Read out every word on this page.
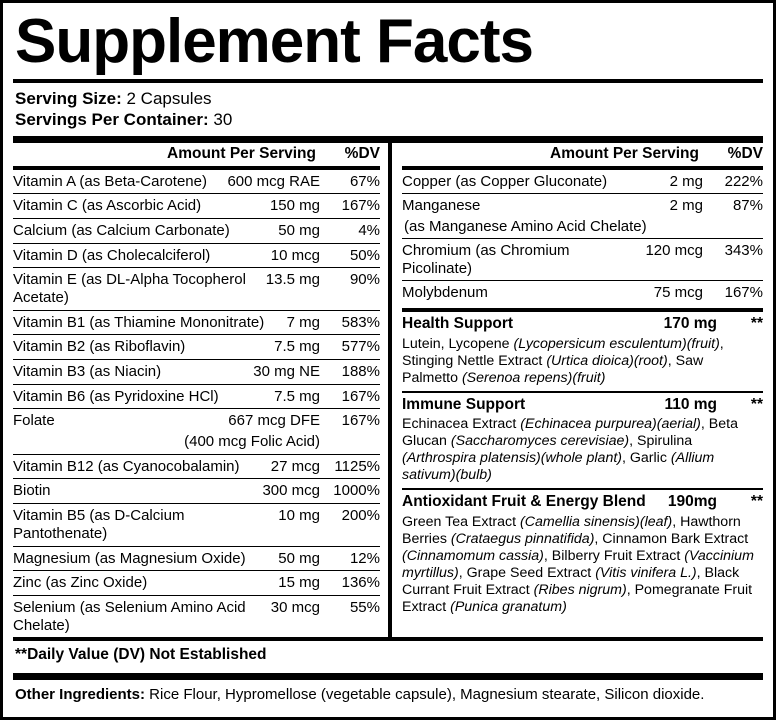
Supplement Facts
Serving Size: 2 Capsules
Servings Per Container: 30
Amount Per Serving	%DV
Vitamin A (as Beta-Carotene)	600 mcg RAE	67%
Vitamin C (as Ascorbic Acid)	150 mg	167%
Calcium (as Calcium Carbonate)	50 mg	4%
Vitamin D (as Cholecalciferol)	10 mcg	50%
Vitamin E (as DL-Alpha Tocopherol Acetate)
13.5 mg	90%
Vitamin B1 (as Thiamine Mononitrate)	7 mg	583%
Vitamin B2 (as Riboflavin)	7.5 mg	577%
Vitamin B3 (as Niacin)	30 mg NE	188%
Vitamin B6 (as Pyridoxine HCl)	7.5 mg	167%
Folate	667 mcg DFE	167%
(400 mcg Folic Acid)
Vitamin B12 (as Cyanocobalamin)	27 mcg 1125%
Biotin	300 mcg 1000%
Vitamin B5 (as D-Calcium Pantothenate)
10 mg	200%
Magnesium (as Magnesium Oxide)	50 mg	12%
Zinc (as Zinc Oxide)	15 mg	136%
Selenium (as Selenium Amino Acid Chelate)
30 mcg	55%
Amount Per Serving	%DV
Copper (as Copper Gluconate)	2 mg	222%
Manganese	2 mg	87%
(as Manganese Amino Acid Chelate)
Chromium (as Chromium Picolinate)
120 mcg	343%
Molybdenum	75 mcg	167%
Health Support	170 mg	**
Lutein, Lycopene (Lycopersicum esculentum)(fruit), Stinging Nettle Extract (Urtica dioica)(root), Saw Palmetto (Serenoa repens)(fruit)
Immune Support	110 mg	**
Echinacea Extract (Echinacea purpurea)(aerial), Beta Glucan (Saccharomyces cerevisiae), Spirulina (Arthrospira platensis)(whole plant), Garlic (Allium sativum)(bulb)
Antioxidant Fruit & Energy Blend	190mg	**
Green Tea Extract (Camellia sinensis)(leaf), Hawthorn Berries (Crataegus pinnatifida), Cinnamon Bark Extract (Cinnamomum cassia), Bilberry Fruit Extract (Vaccinium myrtillus), Grape Seed Extract (Vitis vinifera L.), Black Currant Fruit Extract (Ribes nigrum), Pomegranate Fruit Extract (Punica granatum)
**Daily Value (DV) Not Established
Other Ingredients: Rice Flour, Hypromellose (vegetable capsule), Magnesium stearate, Silicon dioxide.
